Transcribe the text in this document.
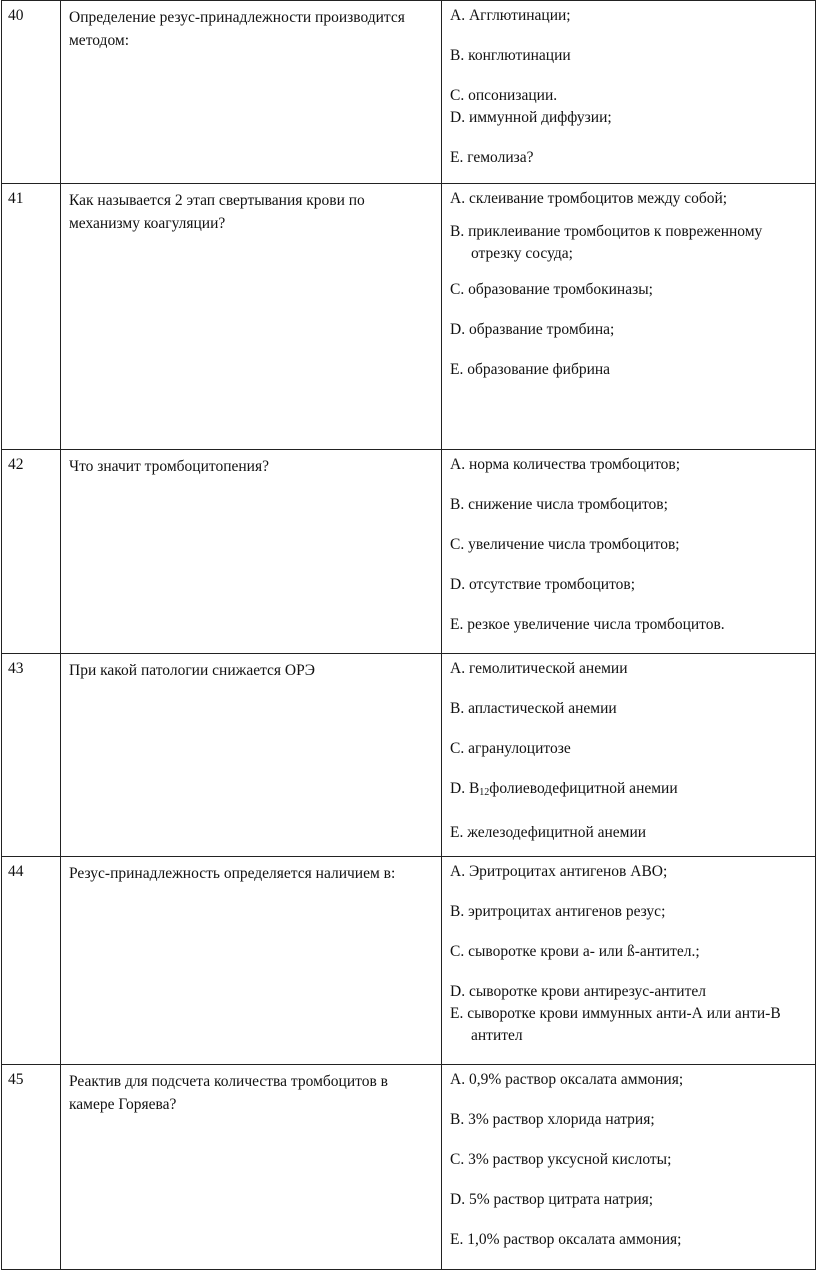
40	Определение резус-принадлежности производится методом:	A. Агглютинации;
B. конглютинации
C. опсонизации.
D. иммунной диффузии;
E. гемолиза?

41	Как называется 2 этап свертывания крови по механизму коагуляции?	A. склеивание тромбоцитов между собой;
B. приклеивание тромбоцитов к повреженному отрезку сосуда;
C. образование тромбокиназы;
D. образвание тромбина;
E. образование фибрина

42	Что значит тромбоцитопения?	A. норма количества тромбоцитов;
B. снижение числа тромбоцитов;
C. увеличение числа тромбоцитов;
D. отсутствие тромбоцитов;
E. резкое увеличение числа тромбоцитов.

43	При какой патологии снижается ОРЭ	A. гемолитической анемии
B. апластической анемии
C. агранулоцитозе
D. $B_{12}фолиеводефицитной$ анемии
E. железодефицитной анемии

44	Резус-принадлежность определяется наличием в:	A. Эритроцитах антигенов АВО;
B. эритроцитах антигенов резус;
C. сыворотке крови а- или ß-антител.;
D. сыворотке крови антирезус-антител
E. сыворотке крови иммунных анти-А или анти-В антител

45	Реактив для подсчета количества тромбоцитов в камере Горяева?	A. 0,9% раствор оксалата аммония;
B. 3% раствор хлорида натрия;
C. 3% раствор уксусной кислоты;
D. 5% раствор цитрата натрия;
E. 1,0% раствор оксалата аммония;
